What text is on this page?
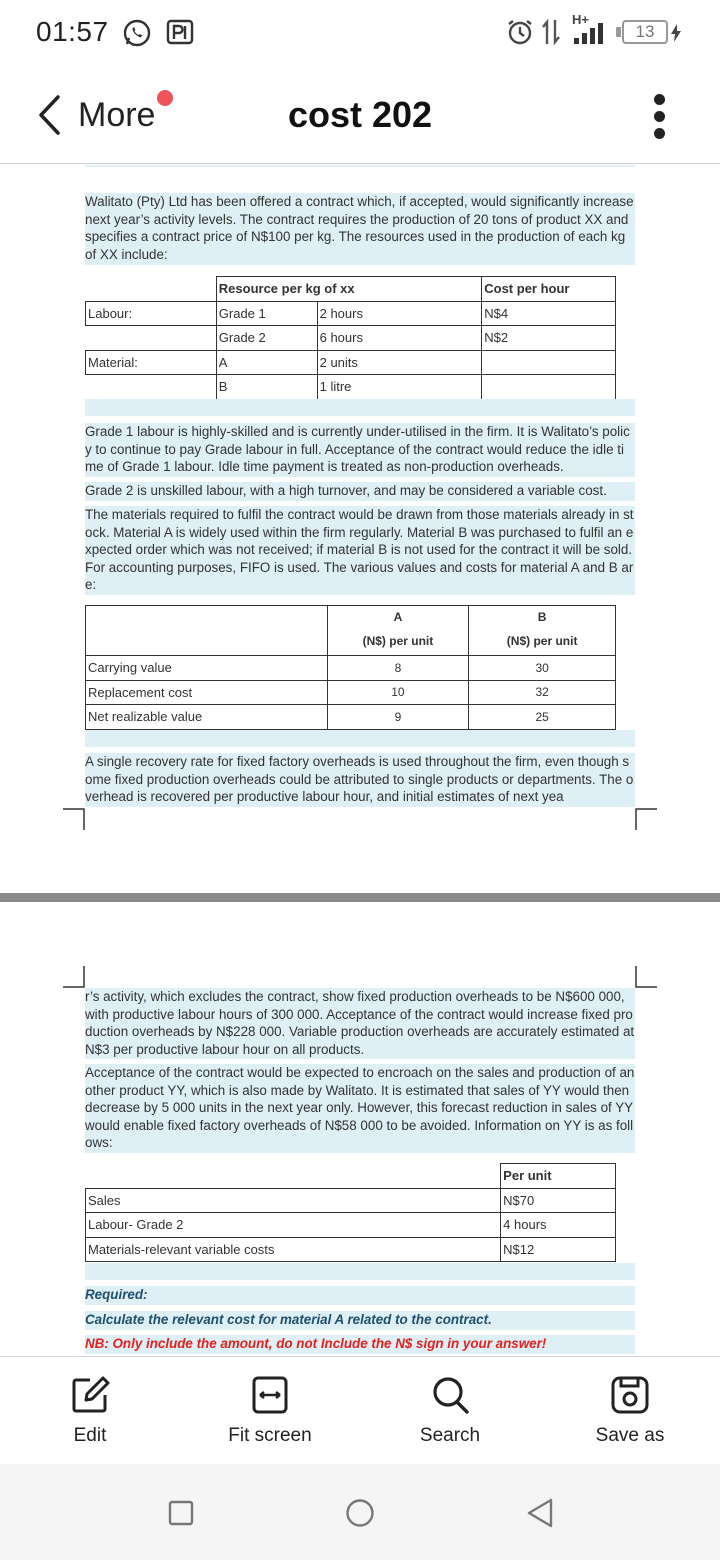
01:57	H+
13
More	cost 202
Walitato (Pty) Ltd has been offered a contract which, if accepted, would significantly increase next year’s activity levels. The contract requires the production of 20 tons of product XX and specifies a contract price of N$100 per kg. The resources used in the production of each kg of XX include:
	Resource per kg of xx		Cost per hour
Labour:	Grade 1	2 hours	N$4
	Grade 2	6 hours	N$2
Material:	A	2 units	
	B	1 litre	
Grade 1 labour is highly-skilled and is currently under-utilised in the firm. It is Walitato’s policy to continue to pay Grade labour in full. Acceptance of the contract would reduce the idle time of Grade 1 labour. Idle time payment is treated as non-production overheads.
Grade 2 is unskilled labour, with a high turnover, and may be considered a variable cost.
The materials required to fulfil the contract would be drawn from those materials already in stock. Material A is widely used within the firm regularly. Material B was purchased to fulfil an expected order which was not received; if material B is not used for the contract it will be sold. For accounting purposes, FIFO is used. The various values and costs for material A and B are:
	A	B
	(N$) per unit	(N$) per unit
Carrying value	8	30
Replacement cost	10	32
Net realizable value	9	25
A single recovery rate for fixed factory overheads is used throughout the firm, even though some fixed production overheads could be attributed to single products or departments. The overhead is recovered per productive labour hour, and initial estimates of next yea
r’s activity, which excludes the contract, show fixed production overheads to be N$600 000, with productive labour hours of 300 000. Acceptance of the contract would increase fixed production overheads by N$228 000. Variable production overheads are accurately estimated at N$3 per productive labour hour on all products.
Acceptance of the contract would be expected to encroach on the sales and production of another product YY, which is also made by Walitato. It is estimated that sales of YY would then decrease by 5 000 units in the next year only. However, this forecast reduction in sales of YY would enable fixed factory overheads of N$58 000 to be avoided. Information on YY is as follows:
	Per unit
Sales	N$70
Labour- Grade 2	4 hours
Materials-relevant variable costs	N$12
Required:
Calculate the relevant cost for material A related to the contract.
NB: Only include the amount, do not Include the N$ sign in your answer!
Edit	Fit screen	Search	Save as
